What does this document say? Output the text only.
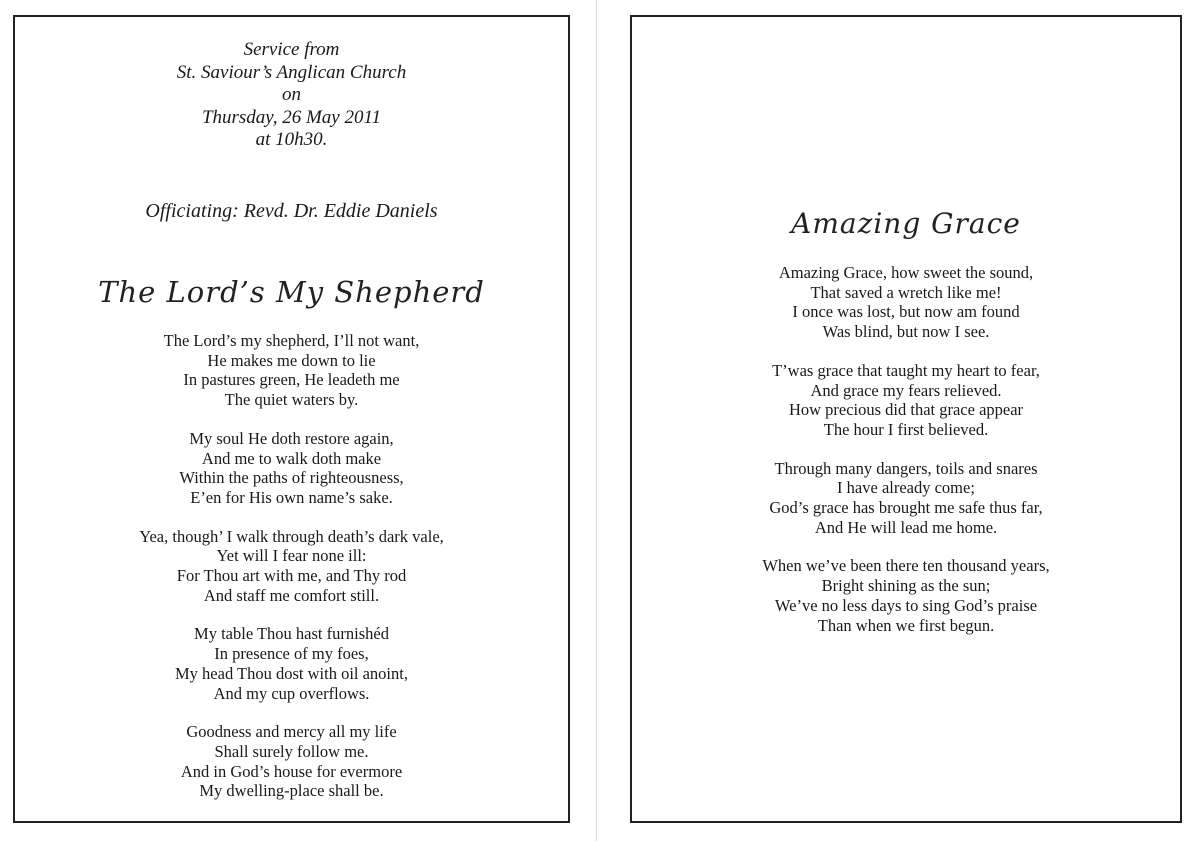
Service from
St. Saviour’s Anglican Church
on
Thursday, 26 May 2011
at 10h30.
Officiating: Revd. Dr. Eddie Daniels
The Lord’s My Shepherd
The Lord’s my shepherd, I’ll not want,
He makes me down to lie
In pastures green, He leadeth me
The quiet waters by.
My soul He doth restore again,
And me to walk doth make
Within the paths of righteousness,
E’en for His own name’s sake.
Yea, though’ I walk through death’s dark vale,
Yet will I fear none ill:
For Thou art with me, and Thy rod
And staff me comfort still.
My table Thou hast furnishéd
In presence of my foes,
My head Thou dost with oil anoint,
And my cup overflows.
Goodness and mercy all my life
Shall surely follow me.
And in God’s house for evermore
My dwelling-place shall be.
Amazing Grace
Amazing Grace, how sweet the sound,
That saved a wretch like me!
I once was lost, but now am found
Was blind, but now I see.
T’was grace that taught my heart to fear,
And grace my fears relieved.
How precious did that grace appear
The hour I first believed.
Through many dangers, toils and snares
I have already come;
God’s grace has brought me safe thus far,
And He will lead me home.
When we’ve been there ten thousand years,
Bright shining as the sun;
We’ve no less days to sing God’s praise
Than when we first begun.
